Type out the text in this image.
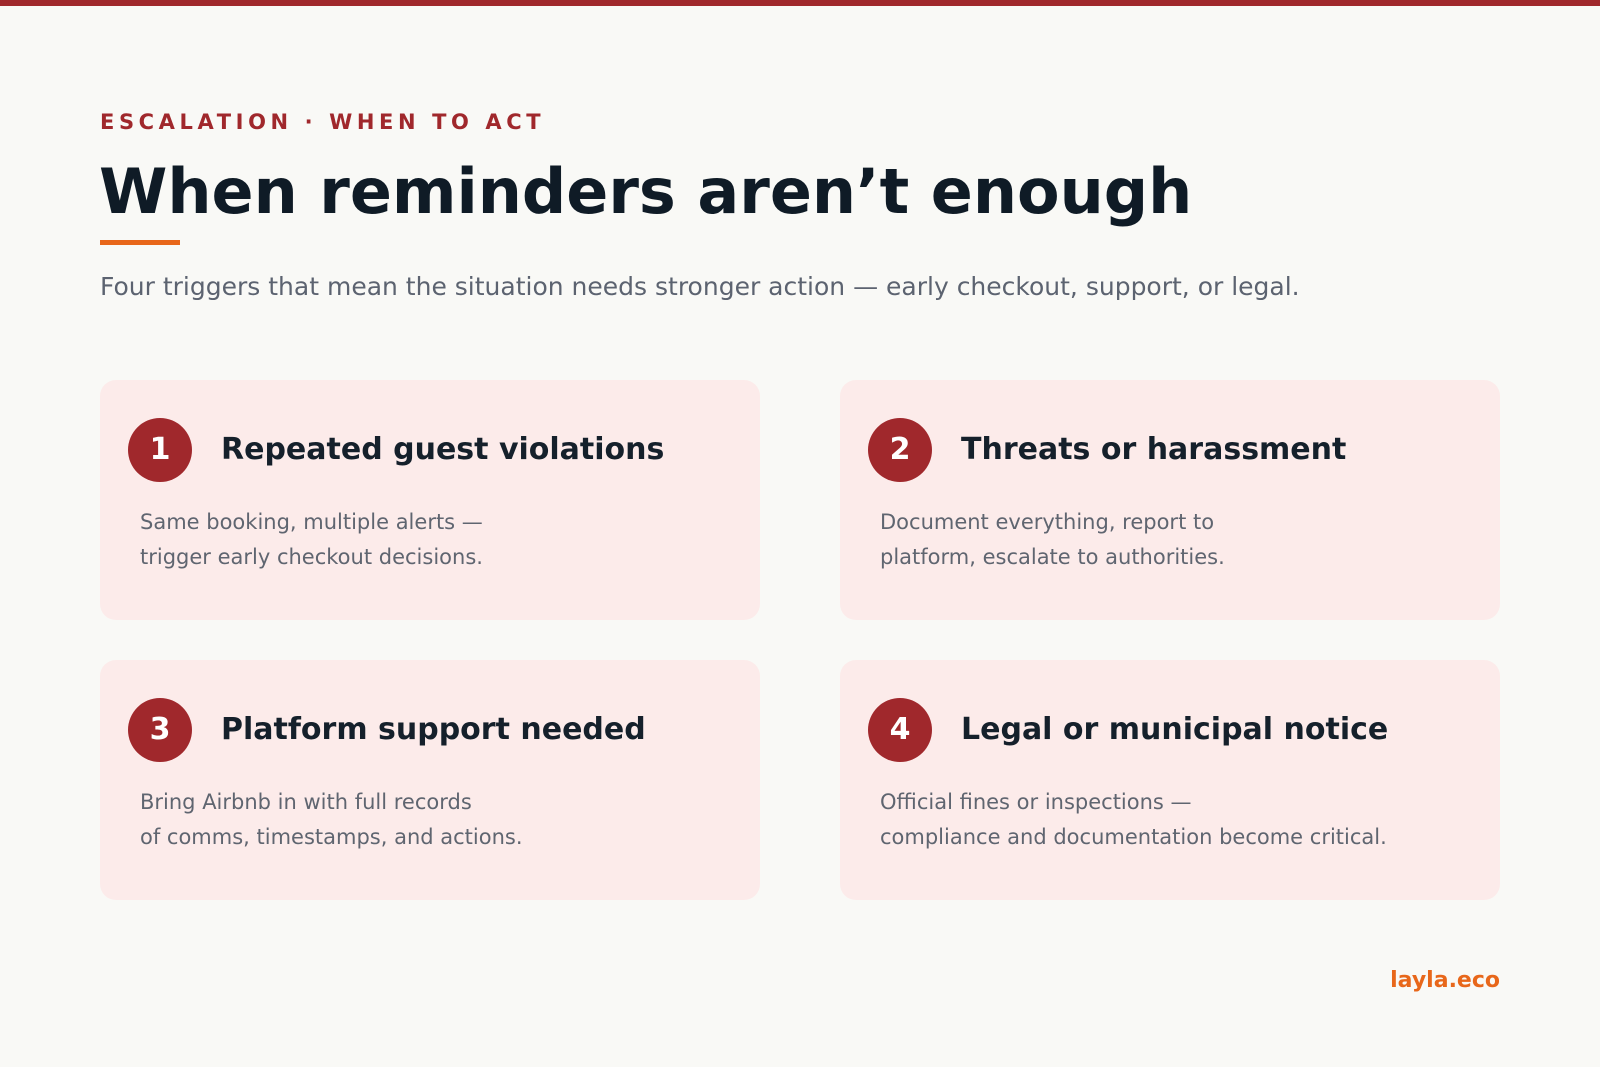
ESCALATION · WHEN TO ACT
When reminders aren’t enough

Four triggers that mean the situation needs stronger action — early checkout, support, or legal.

1	Repeated guest violations
Same booking, multiple alerts —
trigger early checkout decisions.
2	Threats or harassment
Document everything, report to
platform, escalate to authorities.
3	Platform support needed
Bring Airbnb in with full records
of comms, timestamps, and actions.
4	Legal or municipal notice
Official fines or inspections —
compliance and documentation become critical.
layla.eco
